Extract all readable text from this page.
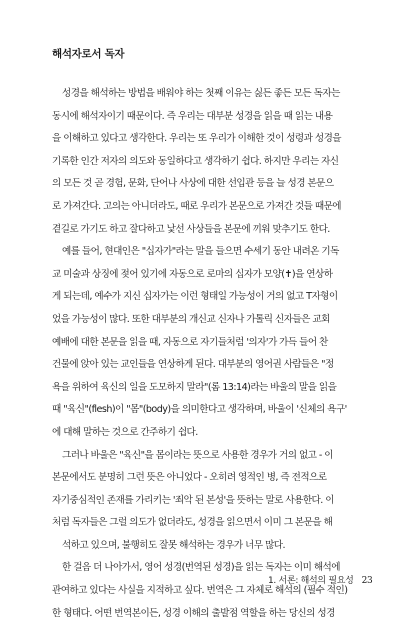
해석자로서 독자
성경을 해석하는 방법을 배워야 하는 첫째 이유는 싫든 좋든 모든 독자는
동시에 해석자이기 때문이다. 즉 우리는 대부분 성경을 읽을 때 읽는 내용
을 이해하고 있다고 생각한다. 우리는 또 우리가 이해한 것이 성령과 성경을
기록한 인간 저자의 의도와 동일하다고 생각하기 쉽다. 하지만 우리는 자신
의 모든 것 곧 경험, 문화, 단어나 사상에 대한 선입관 등을 늘 성경 본문으
로 가져간다. 고의는 아니더라도, 때로 우리가 본문으로 가져간 것들 때문에
곁길로 가기도 하고 잘다하고 낯선 사상들을 본문에 끼워 맞추기도 한다.
예를 들어, 현대인은 "십자가"라는 말을 들으면 수세기 동안 내려온 기독
교 미술과 상징에 젖어 있기에 자동으로 로마의 십자가 모양(✝)을 연상하
게 되는데, 예수가 지신 십자가는 이런 형태일 가능성이 거의 없고 T자형이
었을 가능성이 많다. 또한 대부분의 개신교 신자나 가톨릭 신자들은 교회
예배에 대한 본문을 읽을 때, 자동으로 자기들처럼 '의자'가 가득 들어 찬
건물에 앉아 있는 교인들을 연상하게 된다. 대부분의 영어권 사람들은 "정
욕을 위하여 육신의 일을 도모하지 말라"(롬 13:14)라는 바울의 말을 읽을
때 "육신"(flesh)이 "몸"(body)을 의미한다고 생각하며, 바울이 '신체의 욕구'
에 대해 말하는 것으로 간주하기 쉽다.
그러나 바울은 "육신"을 몸이라는 뜻으로 사용한 경우가 거의 없고 - 이
본문에서도 분명히 그런 뜻은 아니었다 - 오히려 영적인 병, 즉 전적으로
자기중심적인 존재를 가리키는 '죄악 된 본성'을 뜻하는 말로 사용한다. 이
처럼 독자들은 그럴 의도가 없더라도, 성경을 읽으면서 이미 그 본문을 해
석하고 있으며, 불행히도 잘못 해석하는 경우가 너무 많다.
한 걸음 더 나아가서, 영어 성경(번역된 성경)을 읽는 독자는 이미 해석에
관여하고 있다는 사실을 지적하고 싶다. 번역은 그 자체로 해석의 (필수 적인)
한 형태다. 어떤 번역본이든, 성경 이해의 출발점 역할을 하는 당신의 성경
1. 서론: 해석의 필요성 23
